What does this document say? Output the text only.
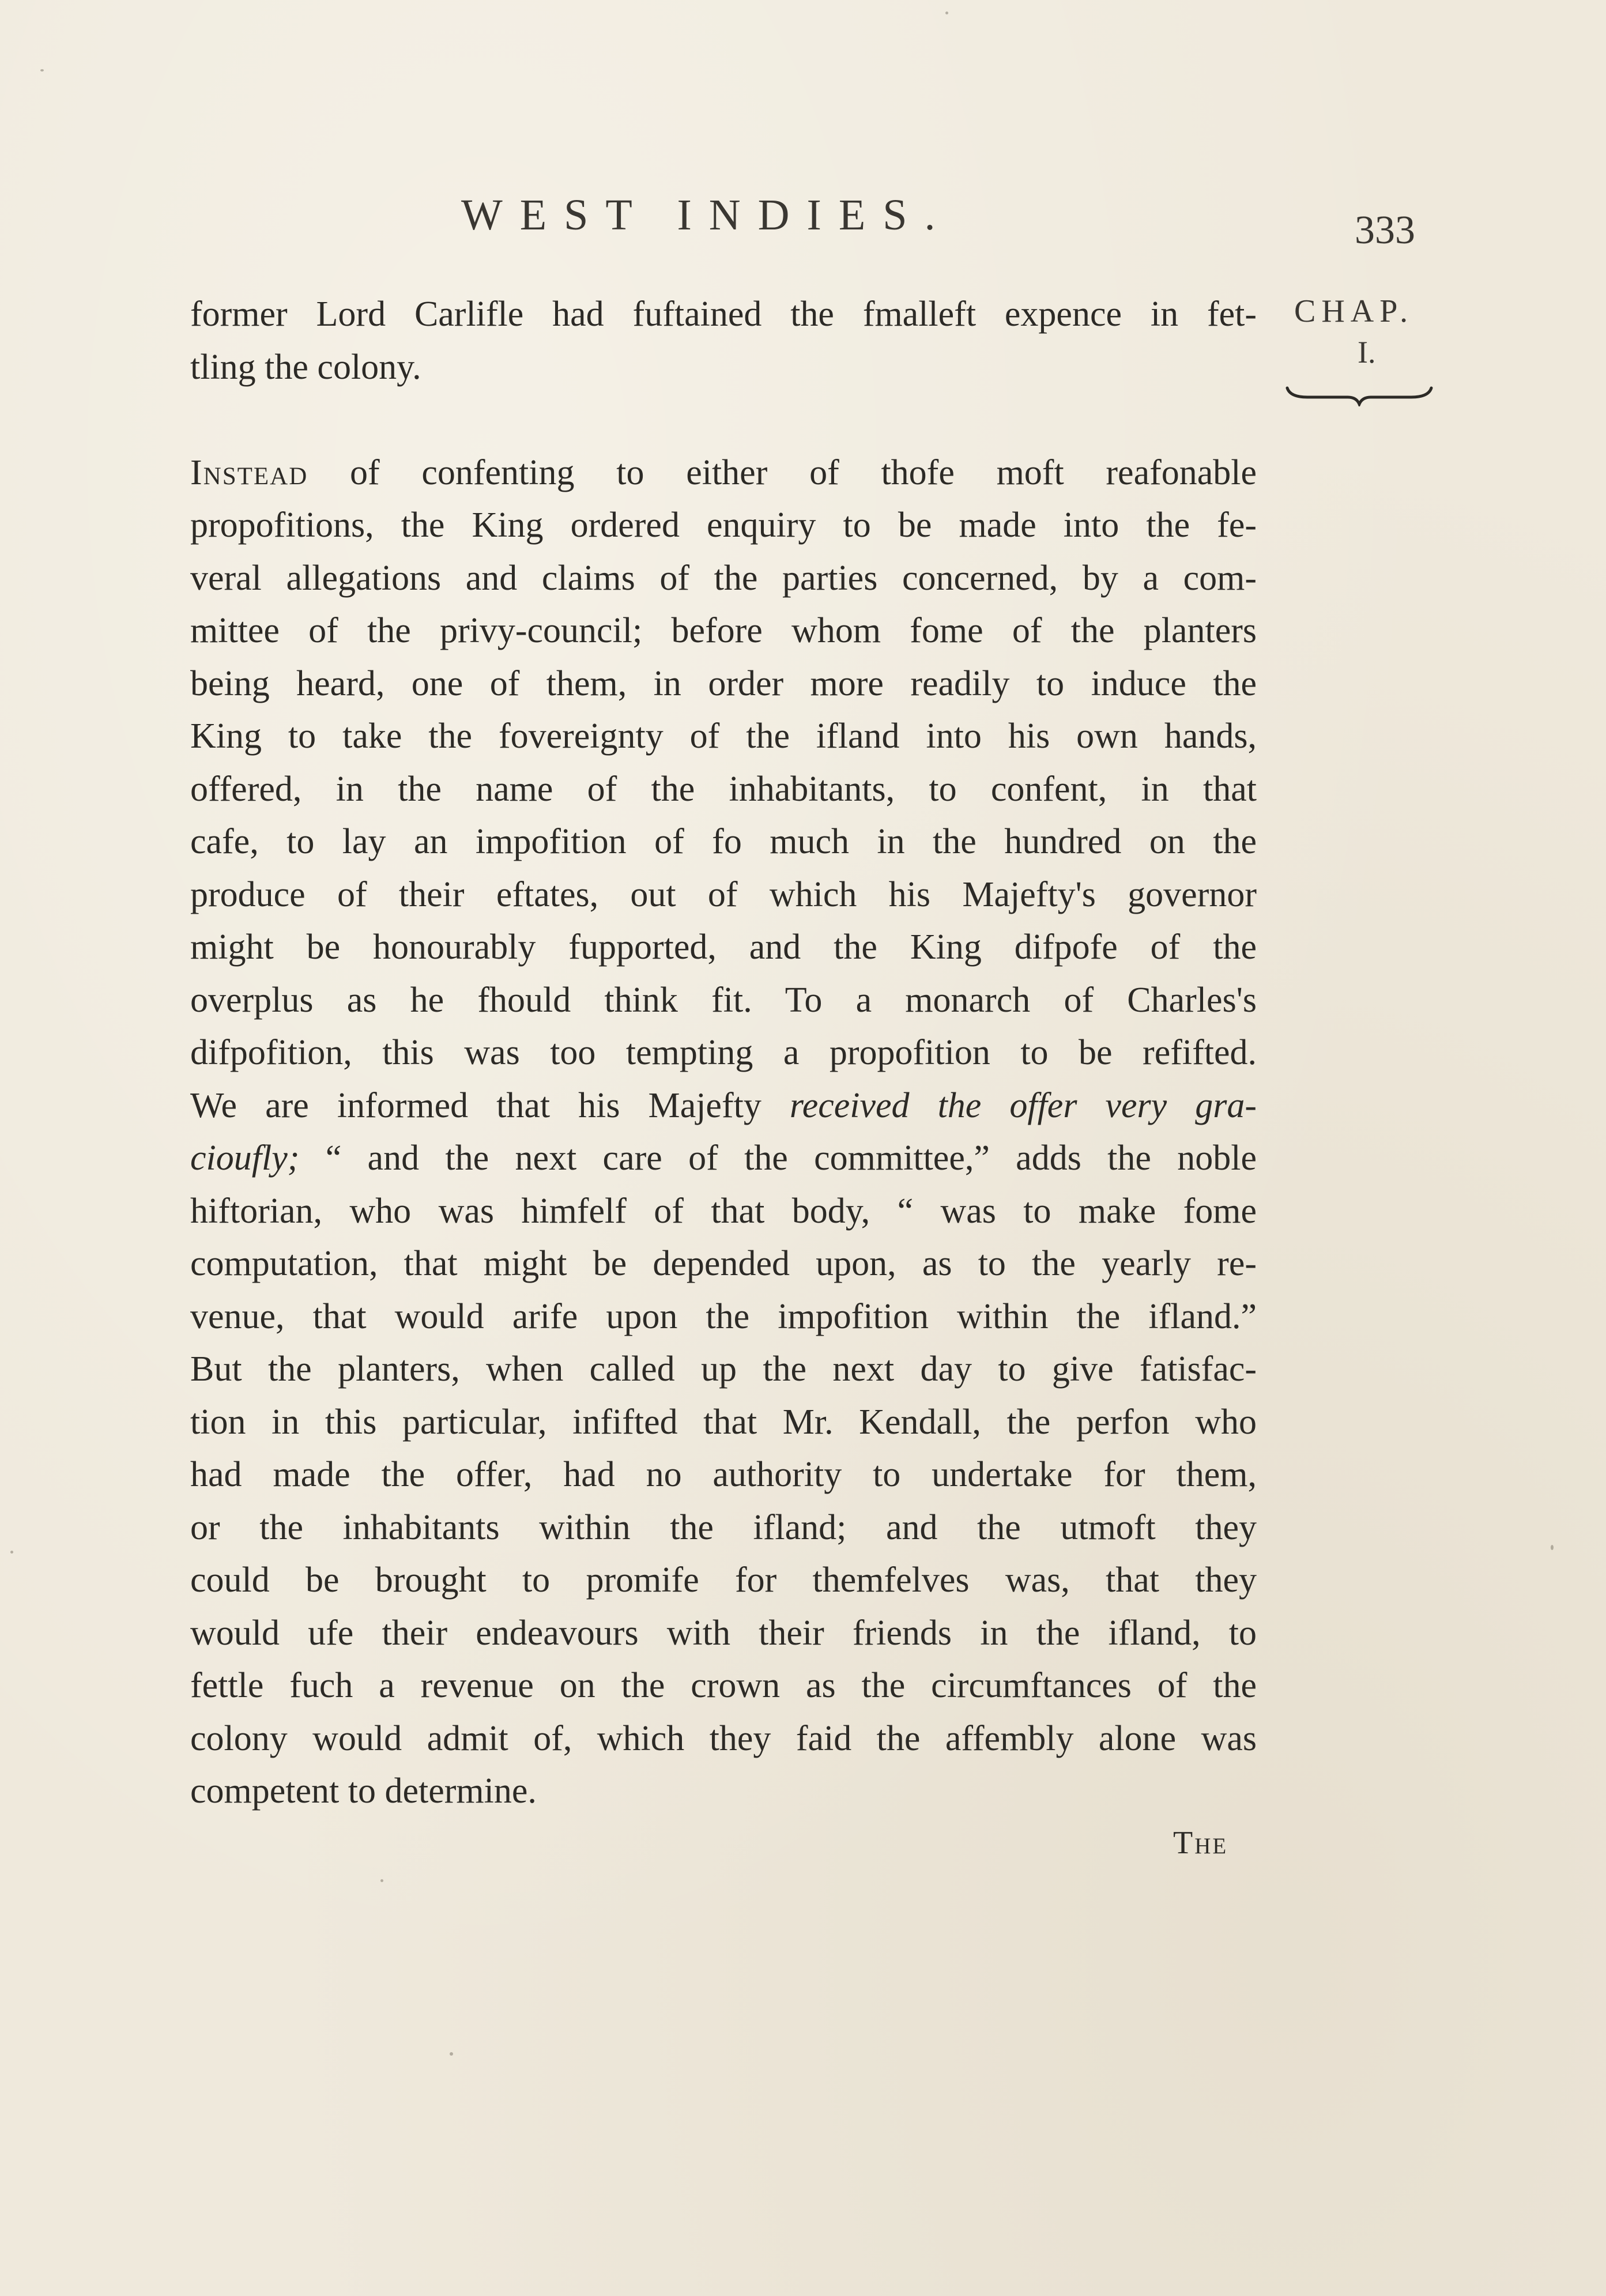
WEST INDIES.	333
CHAP.
I.
former Lord Carlifle had fuftained the fmalleft expence in fet-
tling the colony.
Instead of confenting to either of thofe moft reafonable
propofitions, the King ordered enquiry to be made into the fe-
veral allegations and claims of the parties concerned, by a com-
mittee of the privy-council; before whom fome of the planters
being heard, one of them, in order more readily to induce the
King to take the fovereignty of the ifland into his own hands,
offered, in the name of the inhabitants, to confent, in that
cafe, to lay an impofition of fo much in the hundred on the
produce of their eftates, out of which his Majefty's governor
might be honourably fupported, and the King difpofe of the
overplus as he fhould think fit. To a monarch of Charles's
difpofition, this was too tempting a propofition to be refifted.
We are informed that his Majefty received the offer very gra-
cioufly; “ and the next care of the committee,” adds the noble
hiftorian, who was himfelf of that body, “ was to make fome
computation, that might be depended upon, as to the yearly re-
venue, that would arife upon the impofition within the ifland.”
But the planters, when called up the next day to give fatisfac-
tion in this particular, infifted that Mr. Kendall, the perfon who
had made the offer, had no authority to undertake for them,
or the inhabitants within the ifland; and the utmoft they
could be brought to promife for themfelves was, that they
would ufe their endeavours with their friends in the ifland, to
fettle fuch a revenue on the crown as the circumftances of the
colony would admit of, which they faid the affembly alone was
competent to determine.
The
